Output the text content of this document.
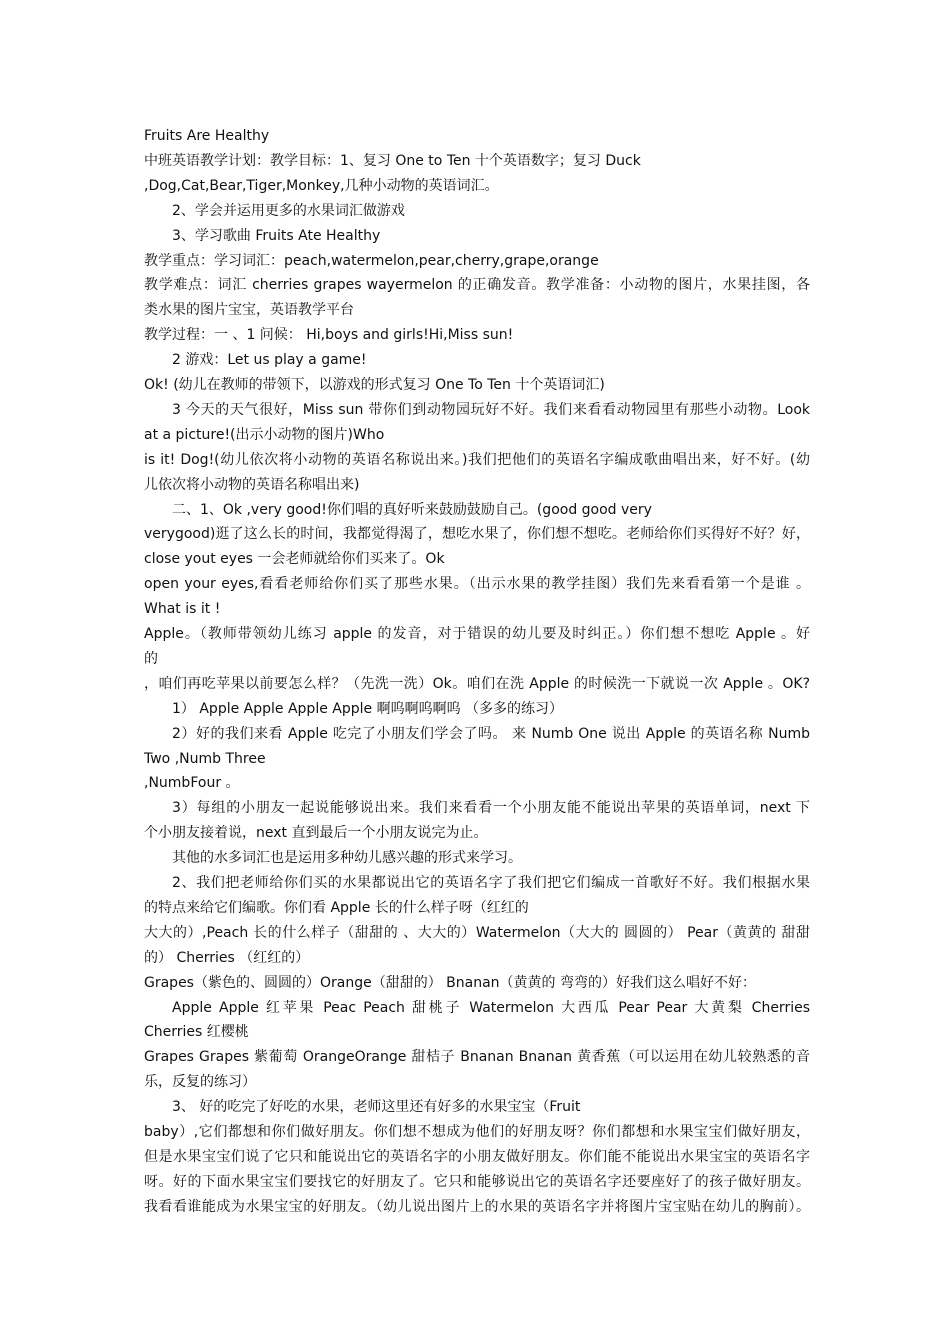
Fruits Are Healthy
中班英语教学计划：教学目标：1、复习 One to Ten 十个英语数字；复习 Duck
,Dog,Cat,Bear,Tiger,Monkey,几种小动物的英语词汇。
2、学会并运用更多的水果词汇做游戏
3、学习歌曲 Fruits Ate Healthy
教学重点：学习词汇：peach,watermelon,pear,cherry,grape,orange
教学难点：词汇 cherries grapes wayermelon 的正确发音。教学准备：小动物的图片，水果挂图，各
类水果的图片宝宝，英语教学平台
教学过程：一 、1 问候： Hi,boys and girls!Hi,Miss sun!
2 游戏：Let us play a game!
Ok! (幼儿在教师的带领下，以游戏的形式复习 One To Ten 十个英语词汇)
3 今天的天气很好，Miss sun 带你们到动物园玩好不好。我们来看看动物园里有那些小动物。Look
at a picture!(出示小动物的图片)Who
is it! Dog!(幼儿依次将小动物的英语名称说出来。)我们把他们的英语名字编成歌曲唱出来，好不好。(幼
儿依次将小动物的英语名称唱出来)
二、1、Ok ,very good!你们唱的真好听来鼓励鼓励自己。(good good very
verygood)逛了这么长的时间，我都觉得渴了，想吃水果了，你们想不想吃。老师给你们买得好不好？好，
close yout eyes 一会老师就给你们买来了。Ok
open your eyes,看看老师给你们买了那些水果。（出示水果的教学挂图）我们先来看看第一个是谁 。
What is it !
Apple。（教师带领幼儿练习 apple 的发音，对于错误的幼儿要及时纠正。）你们想不想吃 Apple 。好
的
，咱们再吃苹果以前要怎么样？（先洗一洗）Ok。咱们在洗 Apple 的时候洗一下就说一次 Apple 。OK?
1） Apple Apple Apple Apple 啊呜啊呜啊呜 （多多的练习）
2）好的我们来看 Apple 吃完了小朋友们学会了吗。 来 Numb One 说出 Apple 的英语名称 Numb
Two ,Numb Three
,NumbFour 。
3）每组的小朋友一起说能够说出来。我们来看看一个小朋友能不能说出苹果的英语单词，next 下
个小朋友接着说，next 直到最后一个小朋友说完为止。
其他的水多词汇也是运用多种幼儿感兴趣的形式来学习。
2、我们把老师给你们买的水果都说出它的英语名字了我们把它们编成一首歌好不好。我们根据水果
的特点来给它们编歌。你们看 Apple 长的什么样子呀（红红的
大大的）,Peach 长的什么样子（甜甜的 、大大的）Watermelon（大大的 圆圆的） Pear（黄黄的 甜甜
的） Cherries （红红的）
Grapes（紫色的、圆圆的）Orange（甜甜的） Bnanan（黄黄的 弯弯的）好我们这么唱好不好：
Apple Apple 红苹果 Peac Peach 甜桃子 Watermelon 大西瓜 Pear Pear 大黄梨 Cherries
Cherries 红樱桃
Grapes Grapes 紫葡萄 OrangeOrange 甜桔子 Bnanan Bnanan 黄香蕉（可以运用在幼儿较熟悉的音
乐，反复的练习）
3、 好的吃完了好吃的水果，老师这里还有好多的水果宝宝（Fruit
baby）,它们都想和你们做好朋友。你们想不想成为他们的好朋友呀？你们都想和水果宝宝们做好朋友，
但是水果宝宝们说了它只和能说出它的英语名字的小朋友做好朋友。你们能不能说出水果宝宝的英语名字
呀。好的下面水果宝宝们要找它的好朋友了。它只和能够说出它的英语名字还要座好了的孩子做好朋友。
我看看谁能成为水果宝宝的好朋友。（幼儿说出图片上的水果的英语名字并将图片宝宝贴在幼儿的胸前）。
